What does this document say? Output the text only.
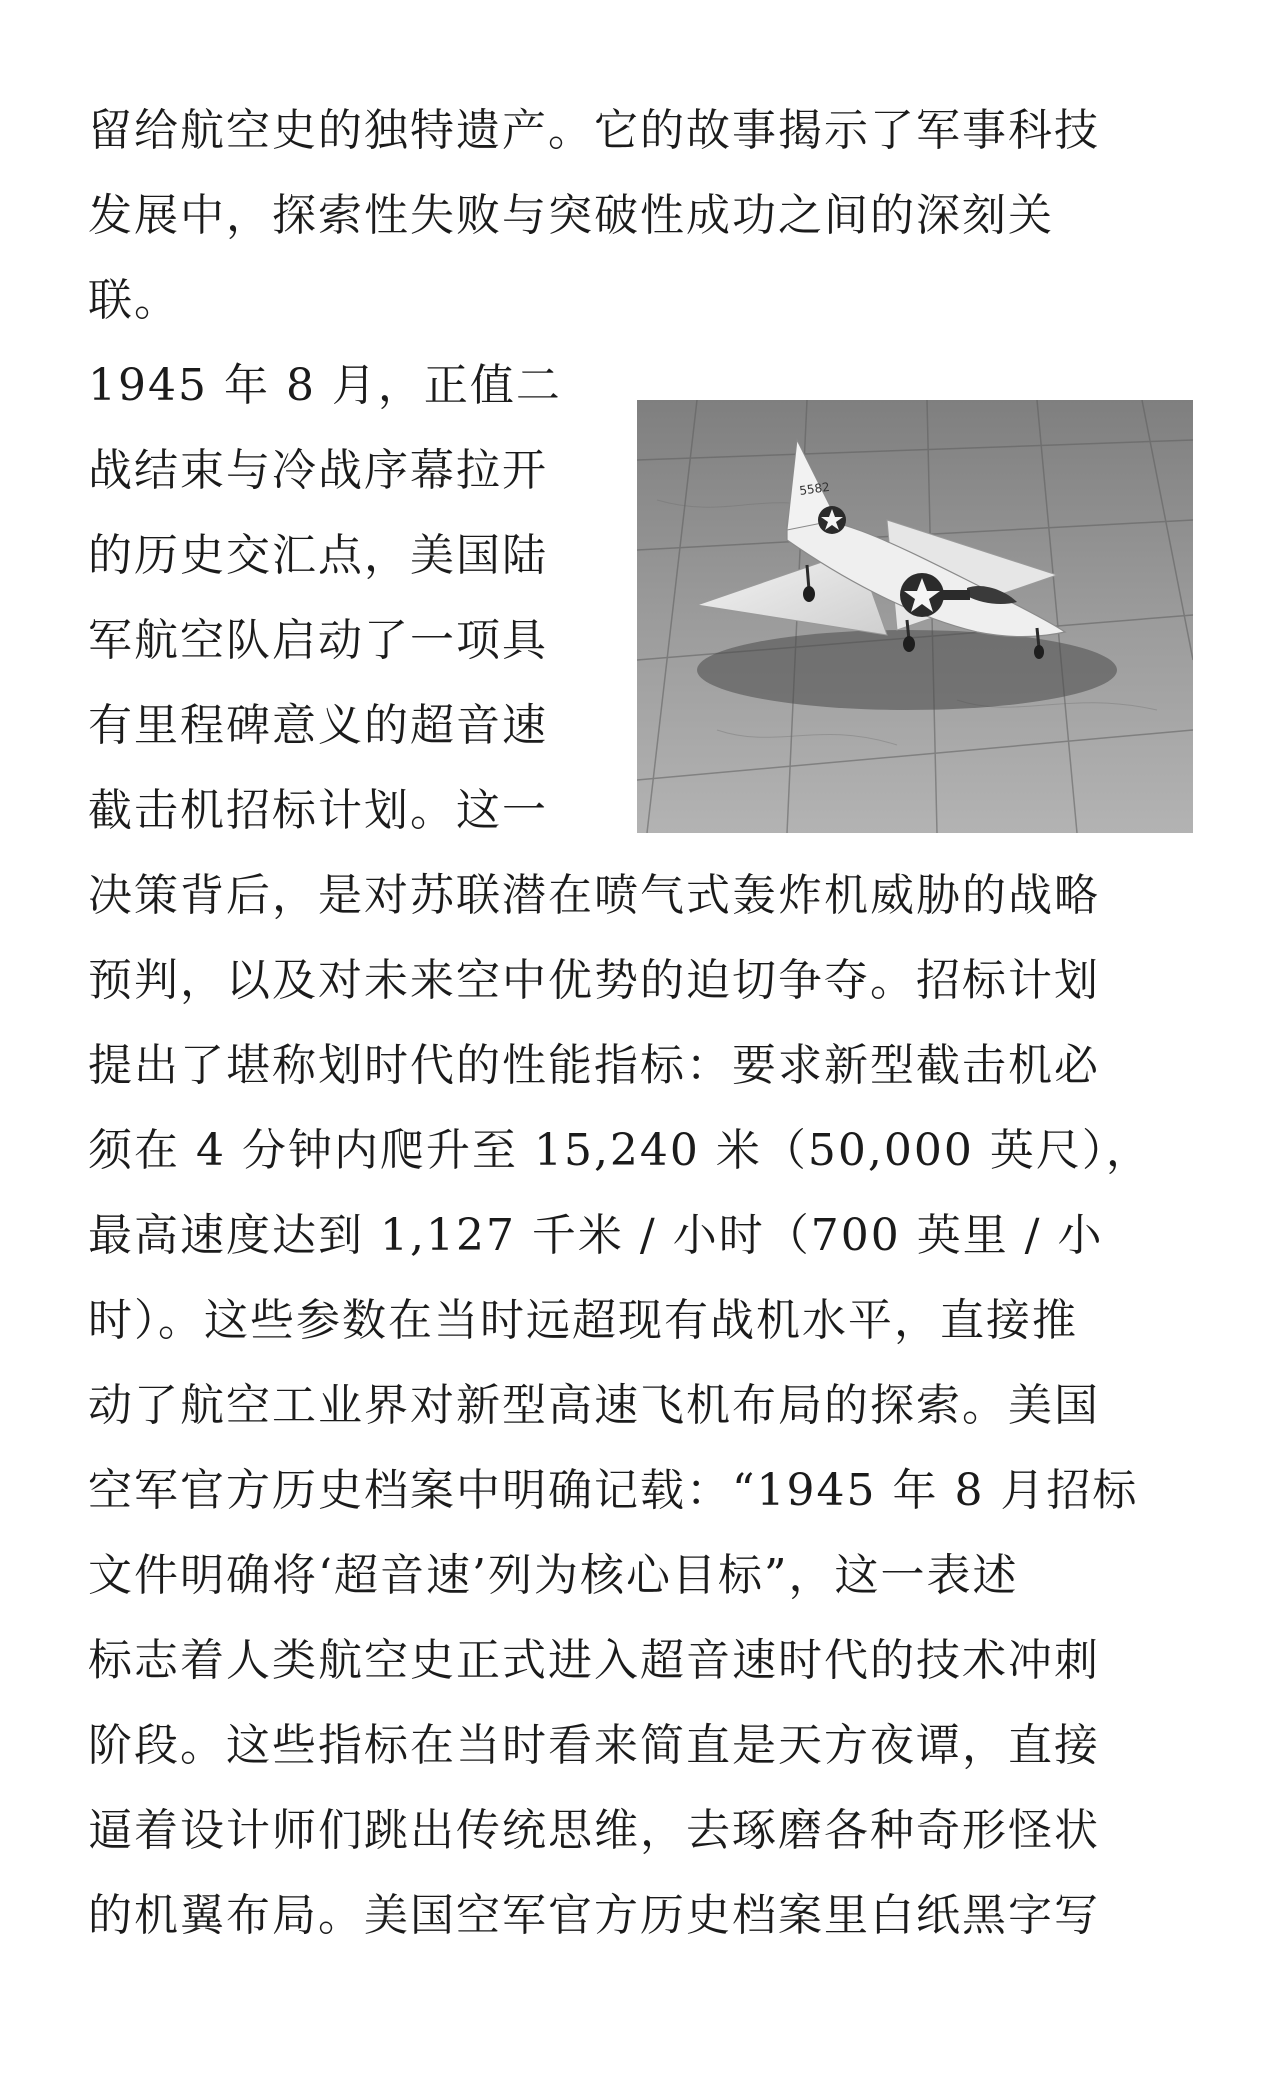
留给航空史的独特遗产。它的故事揭示了军事科技
发展中，探索性失败与突破性成功之间的深刻关
联。
1945 年 8 月，正值二
战结束与冷战序幕拉开
的历史交汇点，美国陆
军航空队启动了一项具
有里程碑意义的超音速
截击机招标计划。这一
决策背后，是对苏联潜在喷气式轰炸机威胁的战略
预判，以及对未来空中优势的迫切争夺。招标计划
提出了堪称划时代的性能指标：要求新型截击机必
须在 4 分钟内爬升至 15,240 米（50,000 英尺），
最高速度达到 1,127 千米 / 小时（700 英里 / 小
时）。这些参数在当时远超现有战机水平，直接推
动了航空工业界对新型高速飞机布局的探索。美国
空军官方历史档案中明确记载：“1945 年 8 月招标
文件明确将‘超音速’列为核心目标”，这一表述
标志着人类航空史正式进入超音速时代的技术冲刺
阶段。这些指标在当时看来简直是天方夜谭，直接
逼着设计师们跳出传统思维，去琢磨各种奇形怪状
的机翼布局。美国空军官方历史档案里白纸黑字写
5582
